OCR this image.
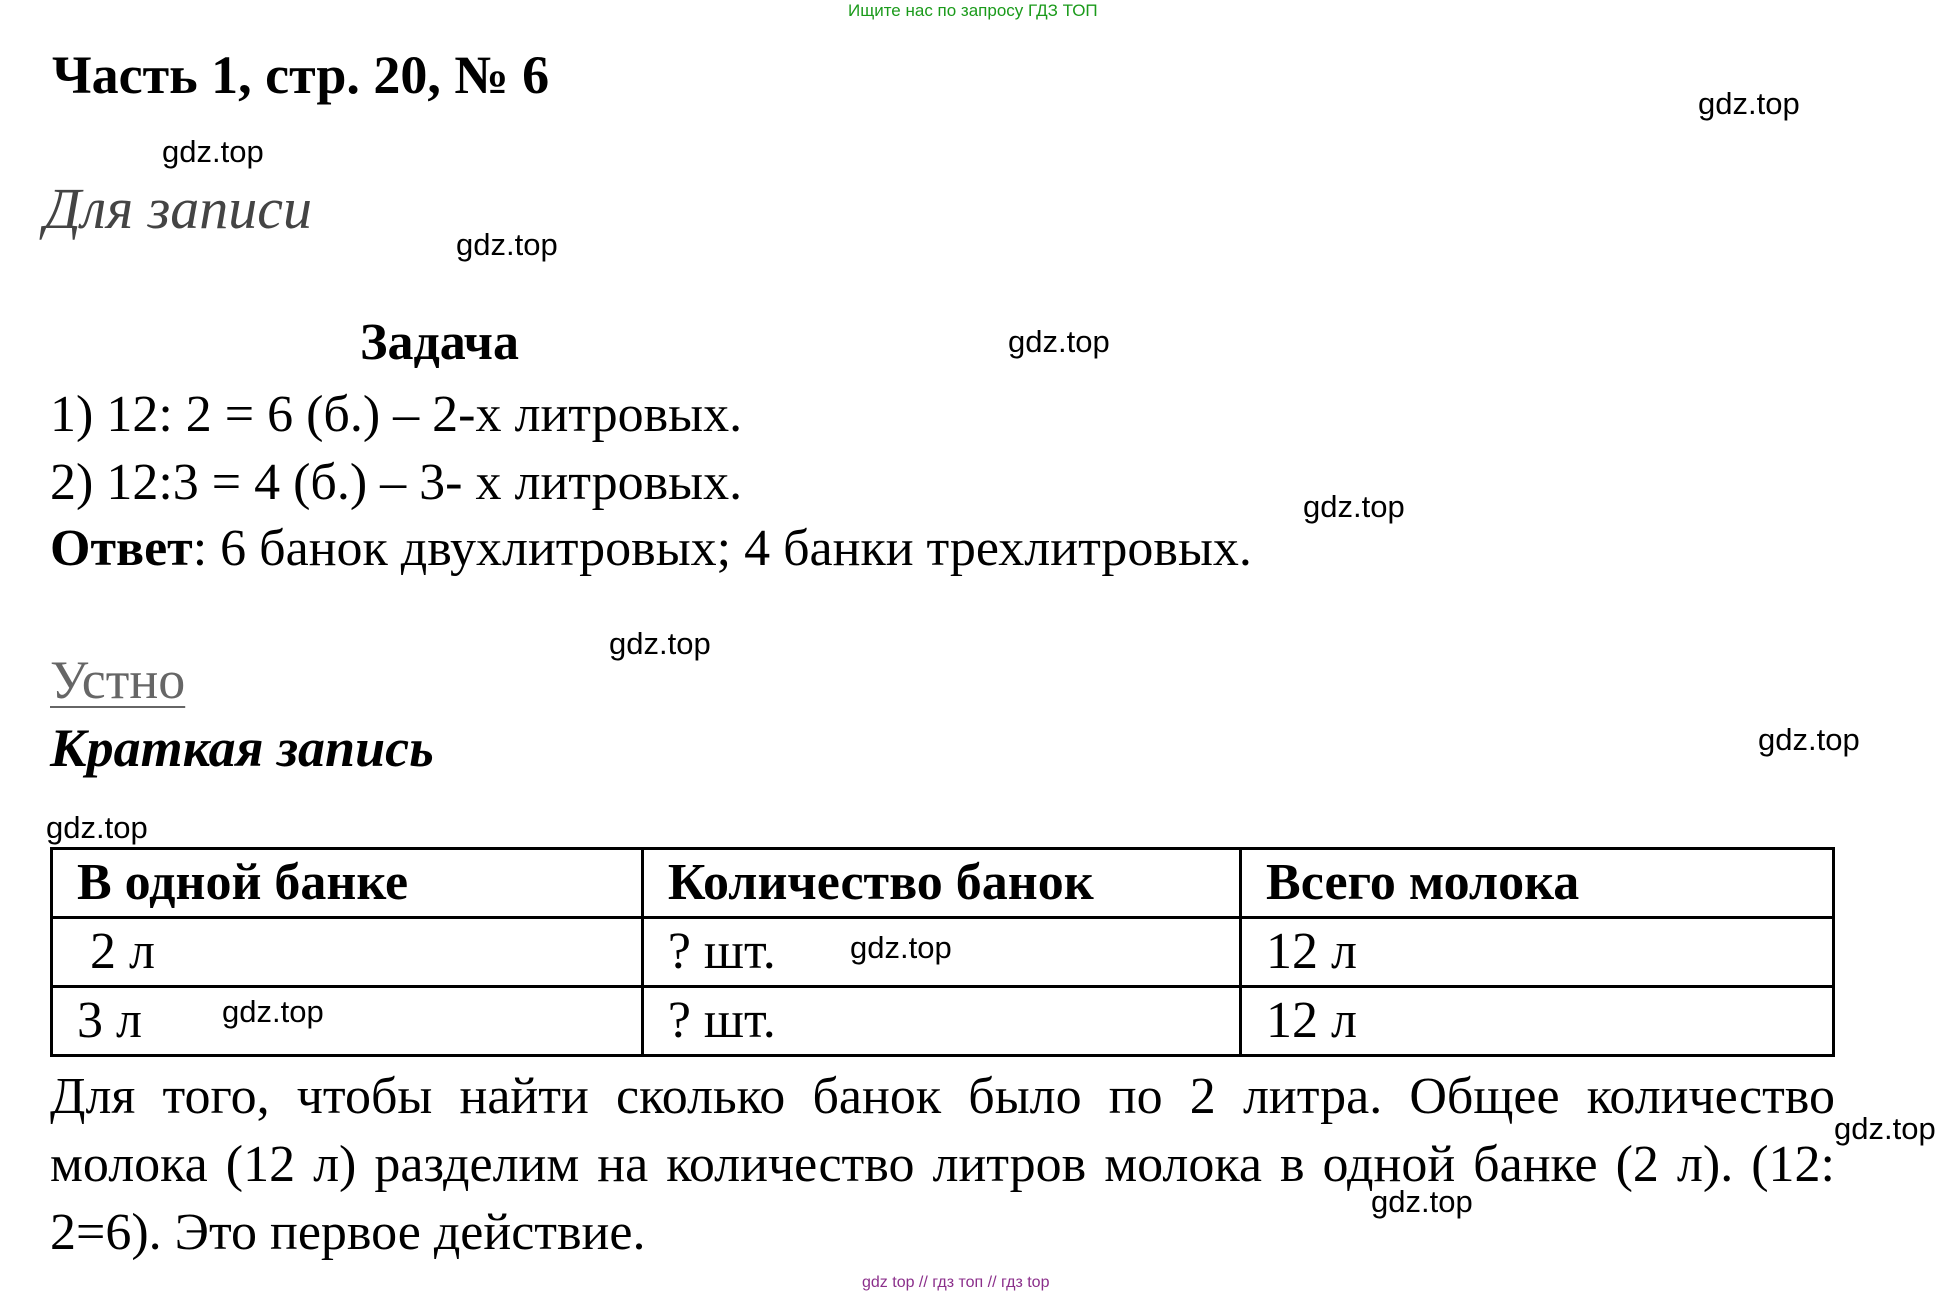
Ищите нас по запросу ГДЗ ТОП
Часть 1, стр. 20, № 6
Для записи
Задача
1) 12: 2 = 6 (б.) – 2-х литровых.
2) 12:3 = 4 (б.) – 3- х литровых.
Ответ: 6 банок двухлитровых; 4 банки трехлитровых.
Устно
Краткая запись
В одной банке	Количество банок	Всего молока
2 л	? шт.	12 л
3 л	? шт.	12 л
Для того, чтобы найти сколько банок было по 2 литра. Общее количество молока (12 л) разделим на количество литров молока в одной банке (2 л). (12: 2=6). Это первое действие.
gdz.top
gdz.top
gdz.top
gdz.top
gdz.top
gdz.top
gdz.top
gdz.top
gdz.top
gdz.top
gdz.top
gdz.top
gdz top // гдз топ // гдз top
